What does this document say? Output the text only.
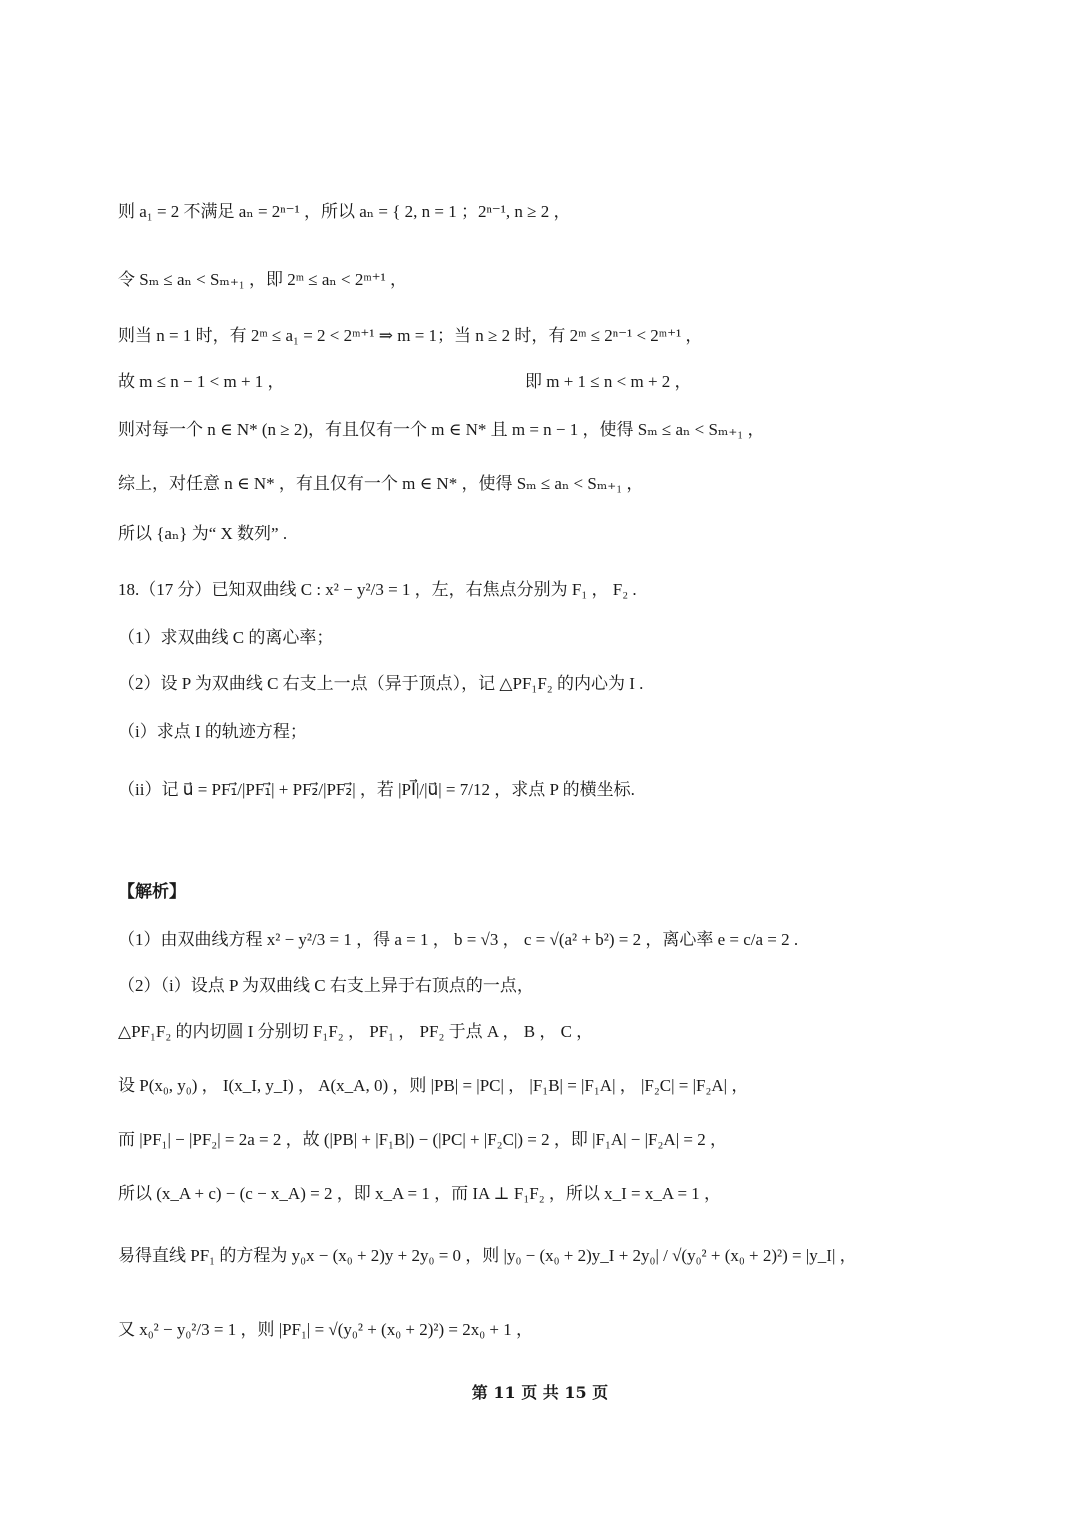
则 a₁ = 2 不满足 aₙ = 2ⁿ⁻¹ ，所以 aₙ = { 2, n = 1 ；2ⁿ⁻¹, n ≥ 2 ，
令 Sₘ ≤ aₙ < Sₘ₊₁ ，即 2ᵐ ≤ aₙ < 2ᵐ⁺¹ ，
则当 n = 1 时，有 2ᵐ ≤ a₁ = 2 < 2ᵐ⁺¹ ⇒ m = 1；当 n ≥ 2 时，有 2ᵐ ≤ 2ⁿ⁻¹ < 2ᵐ⁺¹ ，
故 m ≤ n − 1 < m + 1 ，	即 m + 1 ≤ n < m + 2 ，
则对每一个 n ∈ N* (n ≥ 2)，有且仅有一个 m ∈ N* 且 m = n − 1 ，使得 Sₘ ≤ aₙ < Sₘ₊₁ ，
综上，对任意 n ∈ N* ，有且仅有一个 m ∈ N* ，使得 Sₘ ≤ aₙ < Sₘ₊₁ ，
所以 {aₙ} 为“ X 数列” .
18.（17 分）已知双曲线 C : x² − y²/3 = 1 ，左，右焦点分别为 F₁ ， F₂ .
（1）求双曲线 C 的离心率；
（2）设 P 为双曲线 C 右支上一点（异于顶点），记 △PF₁F₂ 的内心为 I .
（i）求点 I 的轨迹方程；
（ii）记 u⃗ = PF₁⃗/|PF₁⃗| + PF₂⃗/|PF₂⃗| ，若 |PI⃗|/|u⃗| = 7/12 ，求点 P 的横坐标.
【解析】
（1）由双曲线方程 x² − y²/3 = 1 ，得 a = 1 ， b = √3 ， c = √(a² + b²) = 2 ，离心率 e = c/a = 2 .
（2）（i）设点 P 为双曲线 C 右支上异于右顶点的一点，
△PF₁F₂ 的内切圆 I 分别切 F₁F₂ ， PF₁ ， PF₂ 于点 A ， B ， C ，
设 P(x₀, y₀) ， I(x_I, y_I) ， A(x_A, 0) ，则 |PB| = |PC| ， |F₁B| = |F₁A| ， |F₂C| = |F₂A| ，
而 |PF₁| − |PF₂| = 2a = 2 ，故 (|PB| + |F₁B|) − (|PC| + |F₂C|) = 2 ，即 |F₁A| − |F₂A| = 2 ，
所以 (x_A + c) − (c − x_A) = 2 ，即 x_A = 1 ，而 IA ⊥ F₁F₂ ，所以 x_I = x_A = 1 ，
易得直线 PF₁ 的方程为 y₀x − (x₀ + 2)y + 2y₀ = 0 ，则 |y₀ − (x₀ + 2)y_I + 2y₀| / √(y₀² + (x₀ + 2)²) = |y_I| ，
又 x₀² − y₀²/3 = 1 ，则 |PF₁| = √(y₀² + (x₀ + 2)²) = 2x₀ + 1 ，
第 11 页 共 15 页
